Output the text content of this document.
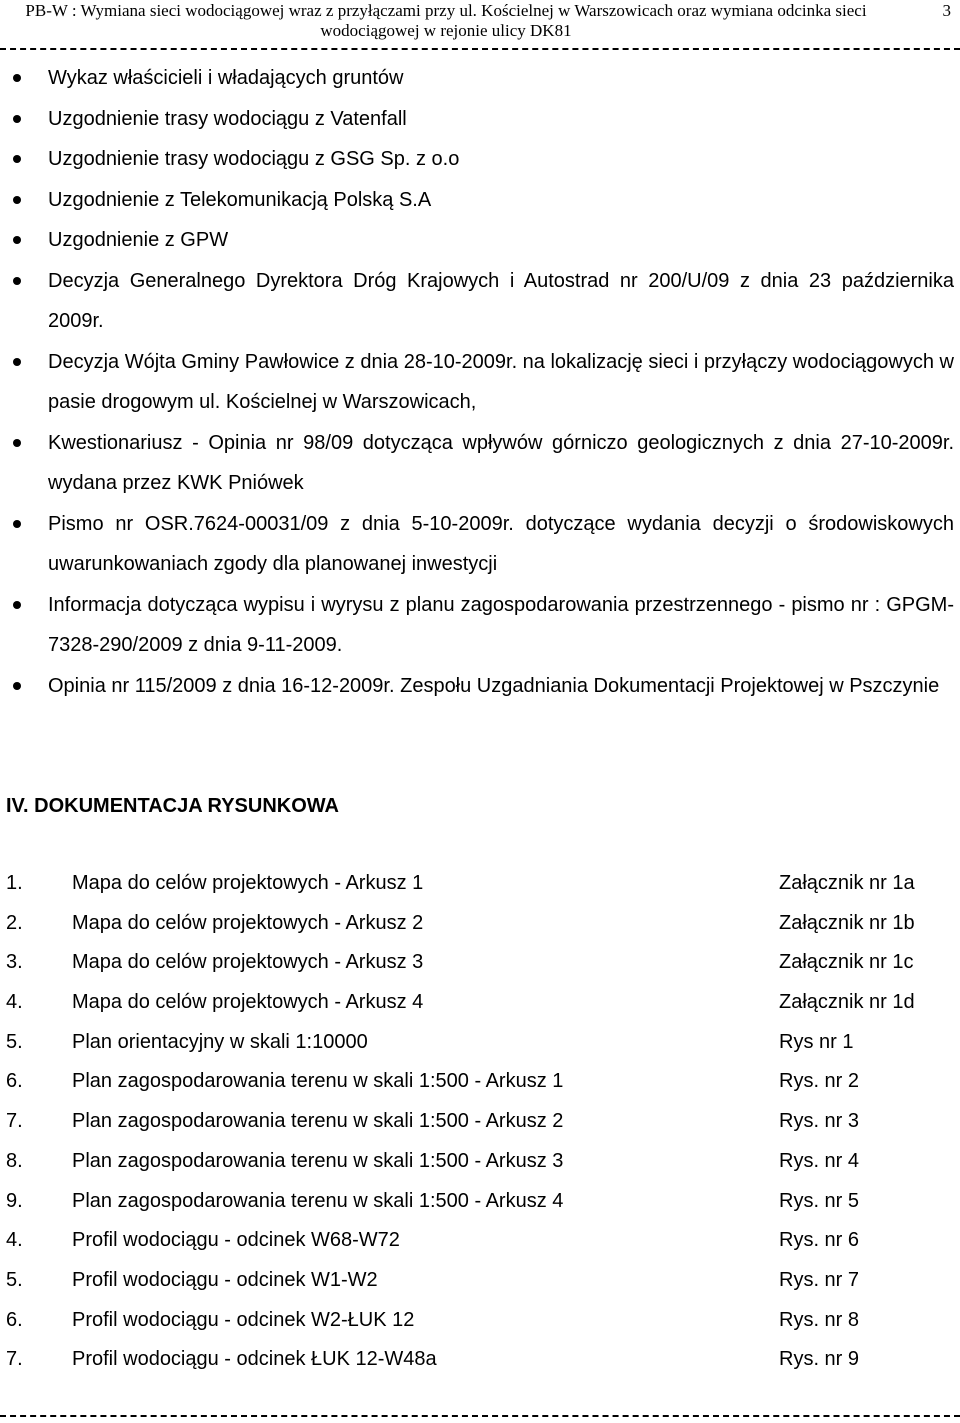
PB-W : Wymiana sieci wodociągowej wraz z przyłączami przy ul. Kościelnej w Warszowicach oraz wymiana odcinka sieci wodociągowej w rejonie ulicy DK81
3
Wykaz właścicieli i władających gruntów
Uzgodnienie trasy wodociągu z Vatenfall
Uzgodnienie trasy wodociągu z GSG Sp. z o.o
Uzgodnienie z Telekomunikacją Polską S.A
Uzgodnienie z GPW
Decyzja Generalnego Dyrektora Dróg Krajowych i Autostrad nr 200/U/09 z dnia 23 października 2009r.
Decyzja Wójta Gminy Pawłowice z dnia 28-10-2009r. na lokalizację sieci i przyłączy wodociągowych w pasie drogowym ul. Kościelnej w Warszowicach,
Kwestionariusz - Opinia nr 98/09 dotycząca wpływów górniczo geologicznych z dnia 27-10-2009r. wydana przez KWK Pniówek
Pismo nr OSR.7624-00031/09 z dnia 5-10-2009r. dotyczące wydania decyzji o środowiskowych uwarunkowaniach zgody dla planowanej inwestycji
Informacja dotycząca wypisu i wyrysu z planu zagospodarowania przestrzennego - pismo nr : GPGM-7328-290/2009 z dnia 9-11-2009.
Opinia nr 115/2009 z dnia 16-12-2009r. Zespołu Uzgadniania Dokumentacji Projektowej w Pszczynie
IV. DOKUMENTACJA RYSUNKOWA
1. Mapa do celów projektowych - Arkusz 1	Załącznik nr 1a
2. Mapa do celów projektowych - Arkusz 2	Załącznik nr 1b
3. Mapa do celów projektowych - Arkusz 3	Załącznik nr 1c
4. Mapa do celów projektowych - Arkusz 4	Załącznik nr 1d
5. Plan orientacyjny w skali 1:10000	Rys nr 1
6. Plan zagospodarowania terenu w skali 1:500 - Arkusz 1	Rys. nr 2
7. Plan zagospodarowania terenu w skali 1:500 - Arkusz 2	Rys. nr 3
8. Plan zagospodarowania terenu w skali 1:500 - Arkusz 3	Rys. nr 4
9. Plan zagospodarowania terenu w skali 1:500 - Arkusz 4	Rys. nr 5
4. Profil wodociągu - odcinek W68-W72	Rys. nr 6
5. Profil wodociągu - odcinek W1-W2	Rys. nr 7
6. Profil wodociągu - odcinek W2-ŁUK 12	Rys. nr 8
7. Profil wodociągu - odcinek ŁUK 12-W48a	Rys. nr 9
